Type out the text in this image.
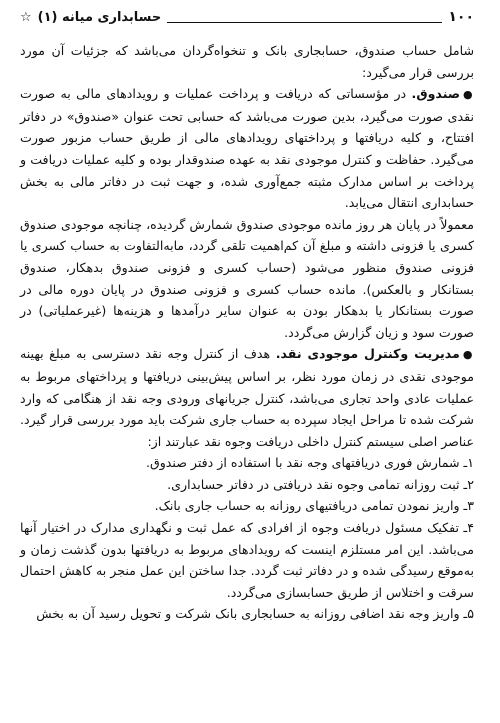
۱۰۰
حسابداری میانه (۱)
☆

شامل حساب صندوق، حسابجاری بانک و تنخواه‌گردان می‌باشد که جزئیات آن مورد بررسی قرار می‌گیرد:

●صندوق. در مؤسساتی که دریافت و پرداخت عملیات و رویدادهای مالی به صورت نقدی صورت می‌گیرد، بدین صورت می‌باشد که حسابی تحت عنوان «صندوق» در دفاتر افتتاح، و کلیه دریافتها و پرداختهای رویدادهای مالی از طریق حساب مزبور صورت می‌گیرد. حفاظت و کنترل موجودی نقد به عهده صندوقدار بوده و کلیه عملیات دریافت و پرداخت بر اساس مدارک مثبته جمع‌آوری شده، و جهت ثبت در دفاتر مالی به بخش حسابداری انتقال می‌یابد.

معمولاً در پایان هر روز مانده موجودی صندوق شمارش گردیده، چنانچه موجودی صندوق کسری یا فزونی داشته و مبلغ آن کم‌اهمیت تلقی گردد، مابه‌التفاوت به حساب کسری یا فزونی صندوق منظور می‌شود (حساب کسری و فزونی صندوق بدهکار، صندوق بستانکار و بالعکس). مانده حساب کسری و فزونی صندوق در پایان دوره مالی در صورت بستانکار یا بدهکار بودن به عنوان سایر درآمدها و هزینه‌ها (غیرعملیاتی) در صورت سود و زیان گزارش می‌گردد.

●مدیریت وکنترل موجودی نقد. هدف از کنترل وجه نقد دسترسی به مبلغ بهینه موجودی نقدی در زمان مورد نظر، بر اساس پیش‌بینی دریافتها و پرداختهای مربوط به عملیات عادی واحد تجاری می‌باشد، کنترل جریانهای ورودی وجه نقد از هنگامی که وارد شرکت شده تا مراحل ایجاد سپرده به حساب جاری شرکت باید مورد بررسی قرار گیرد. عناصر اصلی سیستم کنترل داخلی دریافت وجوه نقد عبارتند از:

۱ـ شمارش فوری دریافتهای وجه نقد با استفاده از دفتر صندوق.

۲ـ ثبت روزانه تمامی وجوه نقد دریافتی در دفاتر حسابداری.

۳ـ واریز نمودن تمامی دریافتیهای روزانه به حساب جاری بانک.

۴ـ تفکیک مسئول دریافت وجوه از افرادی که عمل ثبت و نگهداری مدارک در اختیار آنها می‌باشد. این امر مستلزم اینست که رویدادهای مربوط به دریافتها بدون گذشت زمان و به‌موقع رسیدگی شده و در دفاتر ثبت گردد. جدا ساختن این عمل منجر به کاهش احتمال سرقت و اختلاس از طریق حسابسازی می‌گردد.

۵ـ واریز وجه نقد اضافی روزانه به حسابجاری بانک شرکت و تحویل رسید آن به بخش
